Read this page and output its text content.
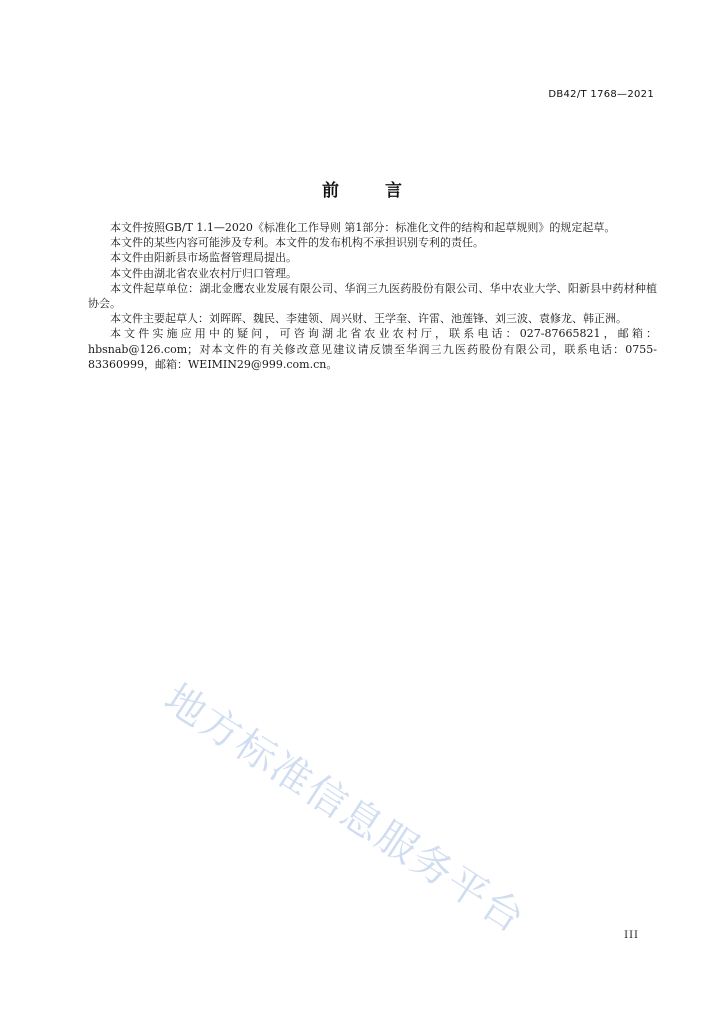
DB42/T 1768—2021
前 言

本文件按照GB/T 1.1—2020《标准化工作导则 第1部分：标准化文件的结构和起草规则》的规定起草。

本文件的某些内容可能涉及专利。本文件的发布机构不承担识别专利的责任。

本文件由阳新县市场监督管理局提出。

本文件由湖北省农业农村厅归口管理。

本文件起草单位：湖北金鹰农业发展有限公司、华润三九医药股份有限公司、华中农业大学、阳新县中药材种植协会。

本文件主要起草人：刘晖晖、魏民、李建领、周兴财、王学奎、许雷、池莲锋、刘三波、袁修龙、韩正洲。

本文件实施应用中的疑问，可咨询湖北省农业农村厅，联系电话：027-87665821，邮箱：hbsnab@126.com；对本文件的有关修改意见建议请反馈至华润三九医药股份有限公司，联系电话：0755-83360999，邮箱：WEIMIN29@999.com.cn。

地方标准信息服务平台	III
